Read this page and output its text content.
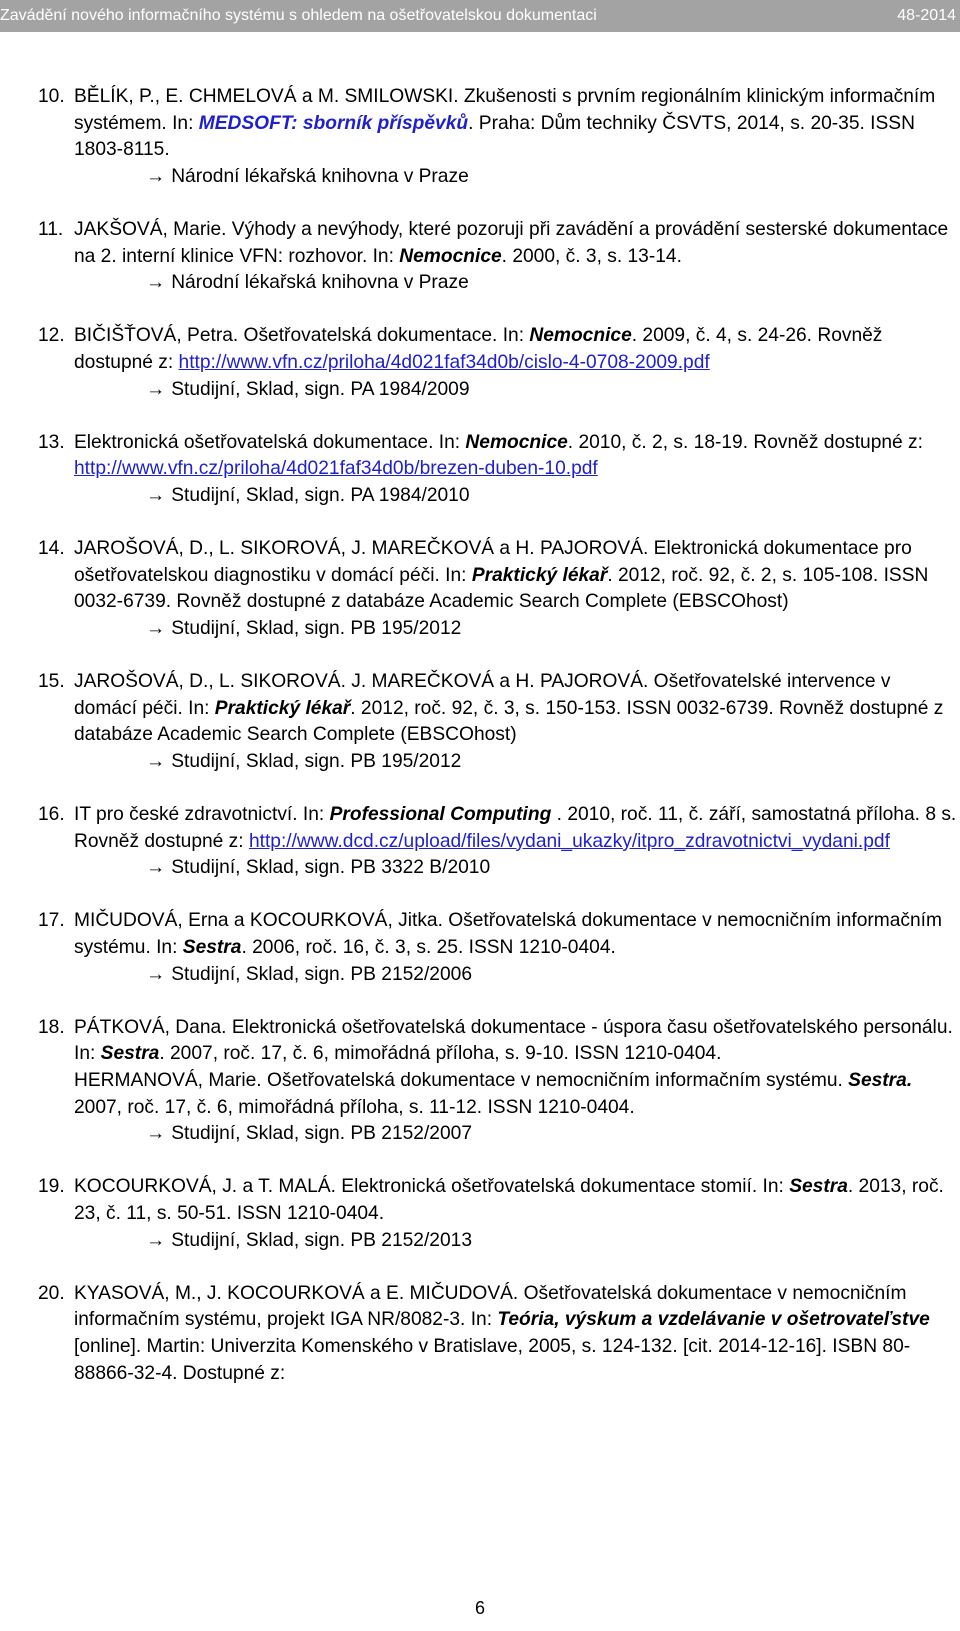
Zavádění nového informačního systému s ohledem na ošetřovatelskou dokumentaci	48-2014
10. BĚLÍK, P., E. CHMELOVÁ a M. SMILOWSKI. Zkušenosti s prvním regionálním klinickým informačním systémem. In: MEDSOFT: sborník příspěvků. Praha: Dům techniky ČSVTS, 2014, s. 20-35. ISSN 1803-8115.

→ Národní lékařská knihovna v Praze

11. JAKŠOVÁ, Marie. Výhody a nevýhody, které pozoruji při zavádění a provádění sesterské dokumentace na 2. interní klinice VFN: rozhovor. In: Nemocnice. 2000, č. 3, s. 13-14.

→ Národní lékařská knihovna v Praze

12. BIČIŠŤOVÁ, Petra. Ošetřovatelská dokumentace. In: Nemocnice. 2009, č. 4, s. 24-26. Rovněž dostupné z: http://www.vfn.cz/priloha/4d021faf34d0b/cislo-4-0708-2009.pdf

→ Studijní, Sklad, sign. PA 1984/2009

13. Elektronická ošetřovatelská dokumentace. In: Nemocnice. 2010, č. 2, s. 18-19. Rovněž dostupné z: http://www.vfn.cz/priloha/4d021faf34d0b/brezen-duben-10.pdf

→ Studijní, Sklad, sign. PA 1984/2010

14. JAROŠOVÁ, D., L. SIKOROVÁ, J. MAREČKOVÁ a H. PAJOROVÁ. Elektronická dokumentace pro ošetřovatelskou diagnostiku v domácí péči. In: Praktický lékař. 2012, roč. 92, č. 2, s. 105-108. ISSN 0032-6739. Rovněž dostupné z databáze Academic Search Complete (EBSCOhost)

→ Studijní, Sklad, sign. PB 195/2012

15. JAROŠOVÁ, D., L. SIKOROVÁ. J. MAREČKOVÁ a H. PAJOROVÁ. Ošetřovatelské intervence v domácí péči. In: Praktický lékař. 2012, roč. 92, č. 3, s. 150-153. ISSN 0032-6739. Rovněž dostupné z databáze Academic Search Complete (EBSCOhost)

→ Studijní, Sklad, sign. PB 195/2012

16. IT pro české zdravotnictví. In: Professional Computing . 2010, roč. 11, č. září, samostatná příloha. 8 s. Rovněž dostupné z: http://www.dcd.cz/upload/files/vydani_ukazky/itpro_zdravotnictvi_vydani.pdf

→ Studijní, Sklad, sign. PB 3322 B/2010

17. MIČUDOVÁ, Erna a KOCOURKOVÁ, Jitka. Ošetřovatelská dokumentace v nemocničním informačním systému. In: Sestra. 2006, roč. 16, č. 3, s. 25. ISSN 1210-0404.

→ Studijní, Sklad, sign. PB 2152/2006

18. PÁTKOVÁ, Dana. Elektronická ošetřovatelská dokumentace - úspora času ošetřovatelského personálu. In: Sestra. 2007, roč. 17, č. 6, mimořádná příloha, s. 9-10. ISSN 1210-0404.

HERMANOVÁ, Marie. Ošetřovatelská dokumentace v nemocničním informačním systému. Sestra. 2007, roč. 17, č. 6, mimořádná příloha, s. 11-12. ISSN 1210-0404.

→ Studijní, Sklad, sign. PB 2152/2007

19. KOCOURKOVÁ, J. a T. MALÁ. Elektronická ošetřovatelská dokumentace stomií. In: Sestra. 2013, roč. 23, č. 11, s. 50-51. ISSN 1210-0404.

→ Studijní, Sklad, sign. PB 2152/2013

20. KYASOVÁ, M., J. KOCOURKOVÁ a E. MIČUDOVÁ. Ošetřovatelská dokumentace v nemocničním informačním systému, projekt IGA NR/8082-3. In: Teória, výskum a vzdelávanie v ošetrovateľstve [online]. Martin: Univerzita Komenského v Bratislave, 2005, s. 124-132. [cit. 2014-12-16]. ISBN 80-88866-32-4. Dostupné z:

6
